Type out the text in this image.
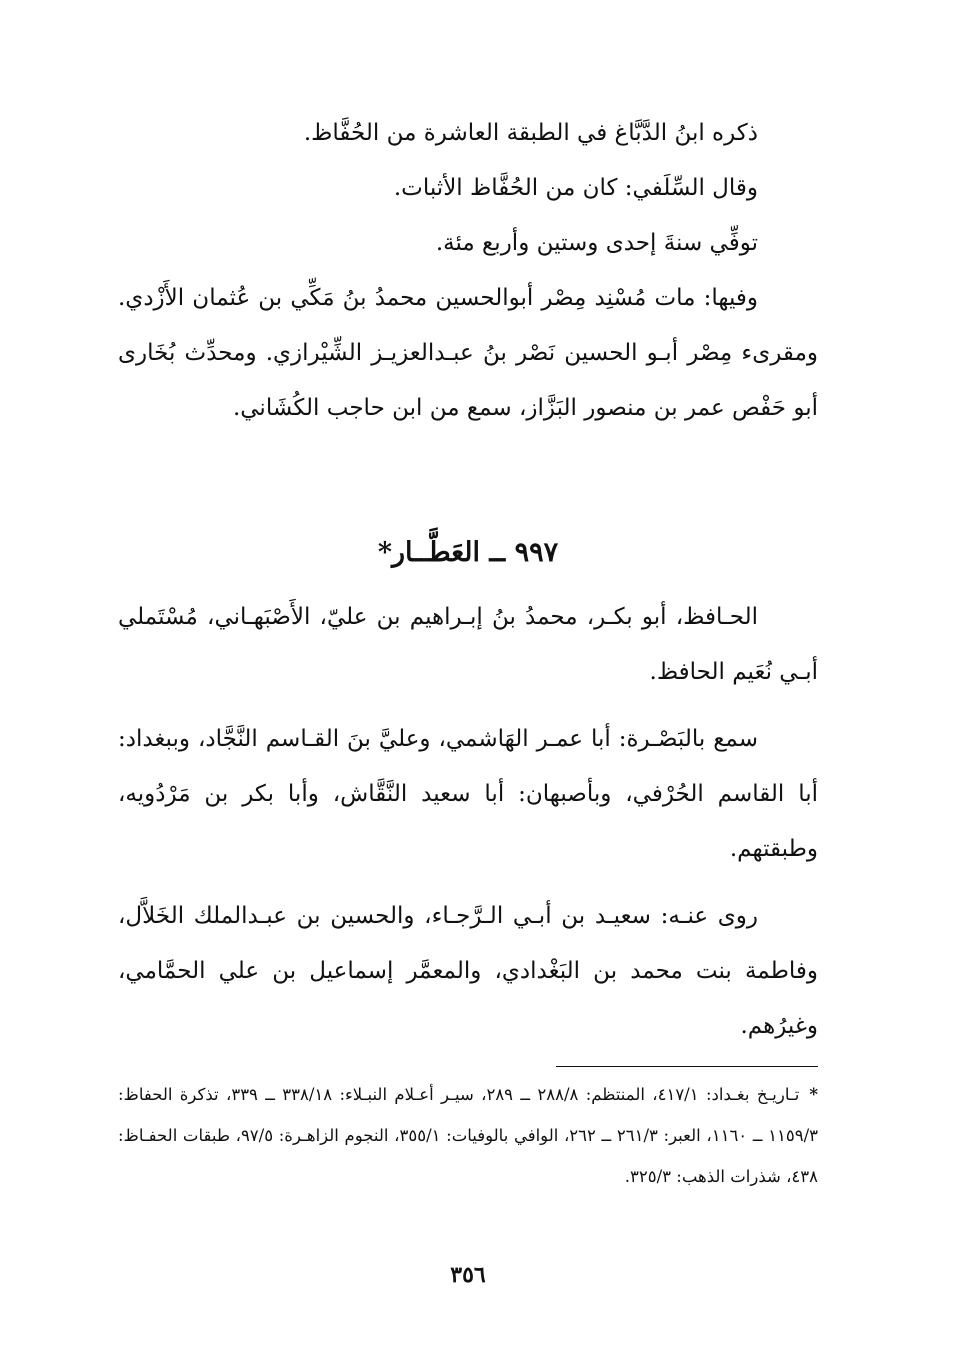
ذكره ابنُ الدَّبَّاغ في الطبقة العاشرة من الحُفَّاظ.

وقال السِّلَفي: كان من الحُفَّاظ الأثبات.

توفِّي سنةَ إحدى وستين وأربع مئة.

وفيها: مات مُسْنِد مِصْر أبوالحسين محمدُ بنُ مَكِّي بن عُثمان الأَزْدي. ومقرىء مِصْر أبـو الحسين نَصْر بنُ عبـدالعزيـز الشِّيْرازي. ومحدِّث بُخَارى أبو حَفْص عمر بن منصور البَزَّاز، سمع من ابن حاجب الكُشَاني.

٩٩٧ ــ العَطَّــار*

الحـافظ، أبو بكـر، محمدُ بنُ إبـراهيم بن عليّ، الأَصْبَهـاني، مُسْتَملي أبـي نُعَيم الحافظ.

سمع بالبَصْـرة: أبا عمـر الهَاشمي، وعليَّ بنَ القـاسم النَّجَّاد، وببغداد: أبا القاسم الحُرْفي، وبأصبهان: أبا سعيد النَّقَّاش، وأبا بكر بن مَرْدُويه، وطبقتهم.

روى عنـه: سعيـد بن أبـي الـرَّجـاء، والحسين بن عبـدالملك الخَلاَّل، وفاطمة بنت محمد بن البَغْدادي، والمعمَّر إسماعيل بن علي الحمَّامي، وغيرُهم.

*تـاريـخ بغـداد: ٤١٧/١، المنتظم: ٢٨٨/٨ ــ ٢٨٩، سيـر أعـلام النبـلاء: ٣٣٨/١٨ ــ ٣٣٩، تذكرة الحفاظ: ١١٥٩/٣ ــ ١١٦٠، العبر: ٢٦١/٣ ــ ٢٦٢، الوافي بالوفيات: ٣٥٥/١، النجوم الزاهـرة: ٩٧/٥، طبقات الحفـاظ: ٤٣٨، شذرات الذهب: ٣٢٥/٣.
٣٥٦
